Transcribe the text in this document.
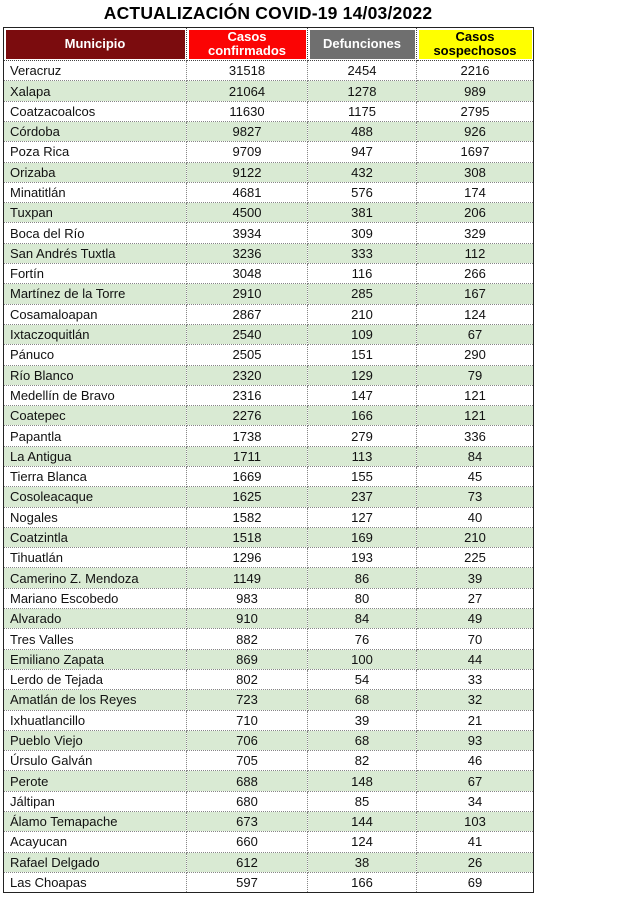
ACTUALIZACIÓN COVID-19 14/03/2022
Municipio	Casos confirmados	Defunciones	Casos sospechosos
Veracruz	31518	2454	2216
Xalapa	21064	1278	989
Coatzacoalcos	11630	1175	2795
Córdoba	9827	488	926
Poza Rica	9709	947	1697
Orizaba	9122	432	308
Minatitlán	4681	576	174
Tuxpan	4500	381	206
Boca del Río	3934	309	329
San Andrés Tuxtla	3236	333	112
Fortín	3048	116	266
Martínez de la Torre	2910	285	167
Cosamaloapan	2867	210	124
Ixtaczoquitlán	2540	109	67
Pánuco	2505	151	290
Río Blanco	2320	129	79
Medellín de Bravo	2316	147	121
Coatepec	2276	166	121
Papantla	1738	279	336
La Antigua	1711	113	84
Tierra Blanca	1669	155	45
Cosoleacaque	1625	237	73
Nogales	1582	127	40
Coatzintla	1518	169	210
Tihuatlán	1296	193	225
Camerino Z. Mendoza	1149	86	39
Mariano Escobedo	983	80	27
Alvarado	910	84	49
Tres Valles	882	76	70
Emiliano Zapata	869	100	44
Lerdo de Tejada	802	54	33
Amatlán de los Reyes	723	68	32
Ixhuatlancillo	710	39	21
Pueblo Viejo	706	68	93
Úrsulo Galván	705	82	46
Perote	688	148	67
Jáltipan	680	85	34
Álamo Temapache	673	144	103
Acayucan	660	124	41
Rafael Delgado	612	38	26
Las Choapas	597	166	69
